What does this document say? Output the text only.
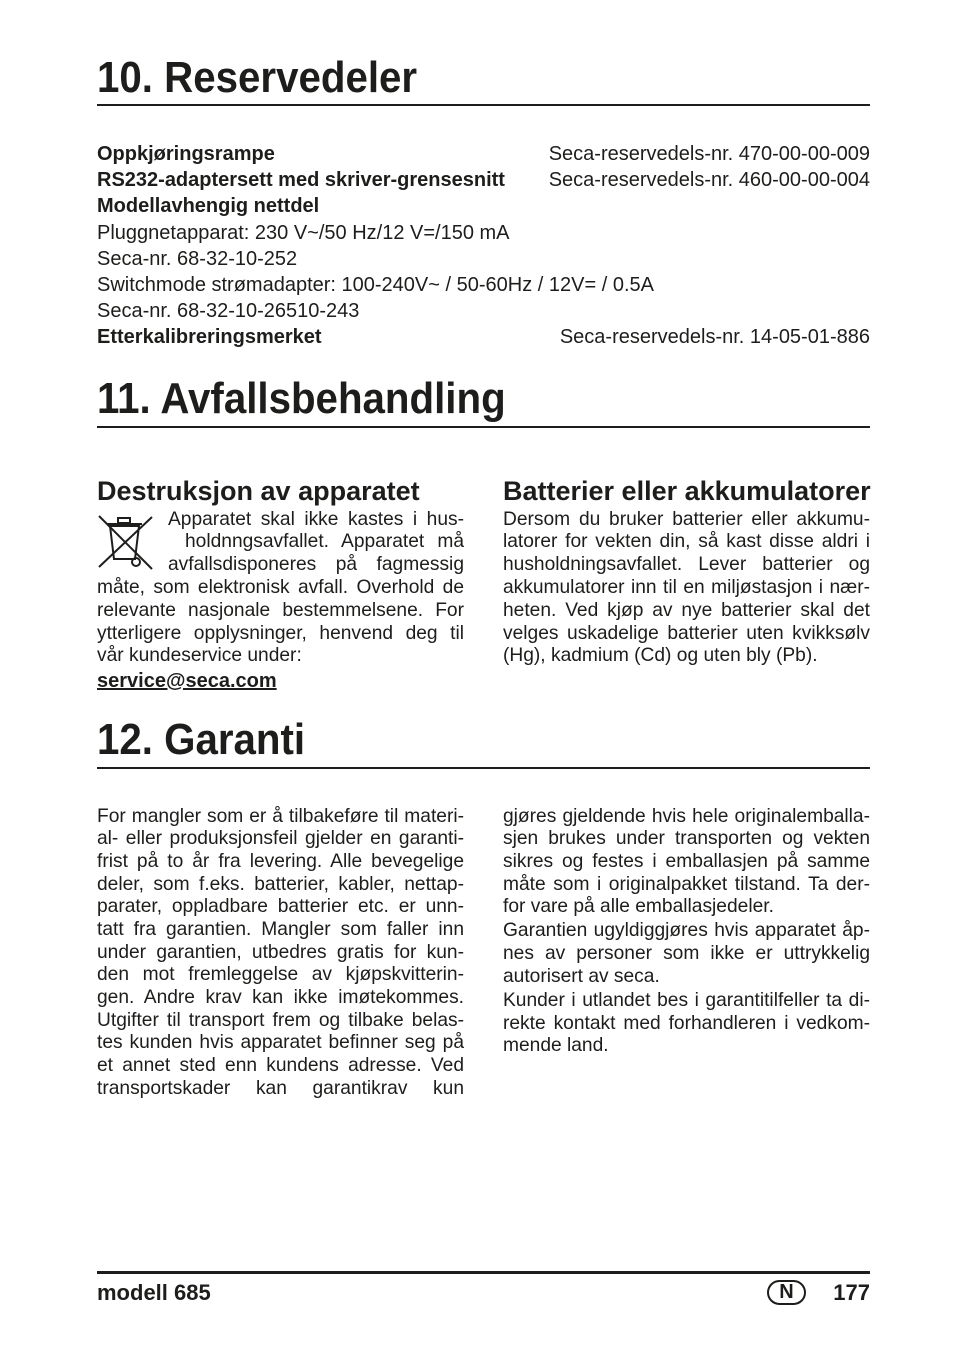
10. Reservedeler
Oppkjøringsrampe	Seca-reservedels-nr. 470-00-00-009
RS232-adaptersett med skriver-grensesnitt Seca-reservedels-nr. 460-00-00-004
Modellavhengig nettdel
Pluggnetapparat: 230 V~/50 Hz/12 V=/150 mA
Seca-nr. 68-32-10-252
Switchmode strømadapter: 100-240V~ / 50-60Hz / 12V= / 0.5A
Seca-nr. 68-32-10-26510-243
Etterkalibreringsmerket	Seca-reservedels-nr. 14-05-01-886
11. Avfallsbehandling
Destruksjon av apparatet	Batterier eller akkumulatorer
Apparatet skal ikke kastes i hus-
holdnngsavfallet. Apparatet må
avfallsdisponeres på fagmessig
måte, som elektronisk avfall. Overhold de
relevante nasjonale bestemmelsene. For
ytterligere opplysninger, henvend deg til
vår kundeservice under:
service@seca.com
Dersom du bruker batterier eller akkumu-
latorer for vekten din, så kast disse aldri i
husholdningsavfallet. Lever batterier og
akkumulatorer inn til en miljøstasjon i nær-
heten. Ved kjøp av nye batterier skal det
velges uskadelige batterier uten kvikksølv
(Hg), kadmium (Cd) og uten bly (Pb).
12. Garanti
For mangler som er å tilbakeføre til materi-
al- eller produksjonsfeil gjelder en garanti-
frist på to år fra levering. Alle bevegelige
deler, som f.eks. batterier, kabler, nettap-
parater, oppladbare batterier etc. er unn-
tatt fra garantien. Mangler som faller inn
under garantien, utbedres gratis for kun-
den mot fremleggelse av kjøpskvitterin-
gen. Andre krav kan ikke imøtekommes.
Utgifter til transport frem og tilbake belas-
tes kunden hvis apparatet befinner seg på
et annet sted enn kundens adresse. Ved
transportskader kan garantikrav kun
gjøres gjeldende hvis hele originalemballa-
sjen brukes under transporten og vekten
sikres og festes i emballasjen på samme
måte som i originalpakket tilstand. Ta der-
for vare på alle emballasjedeler.
Garantien ugyldiggjøres hvis apparatet åp-
nes av personer som ikke er uttrykkelig
autorisert av seca.
Kunder i utlandet bes i garantitilfeller ta di-
rekte kontakt med forhandleren i vedkom-
mende land.
modell 685	N	177
